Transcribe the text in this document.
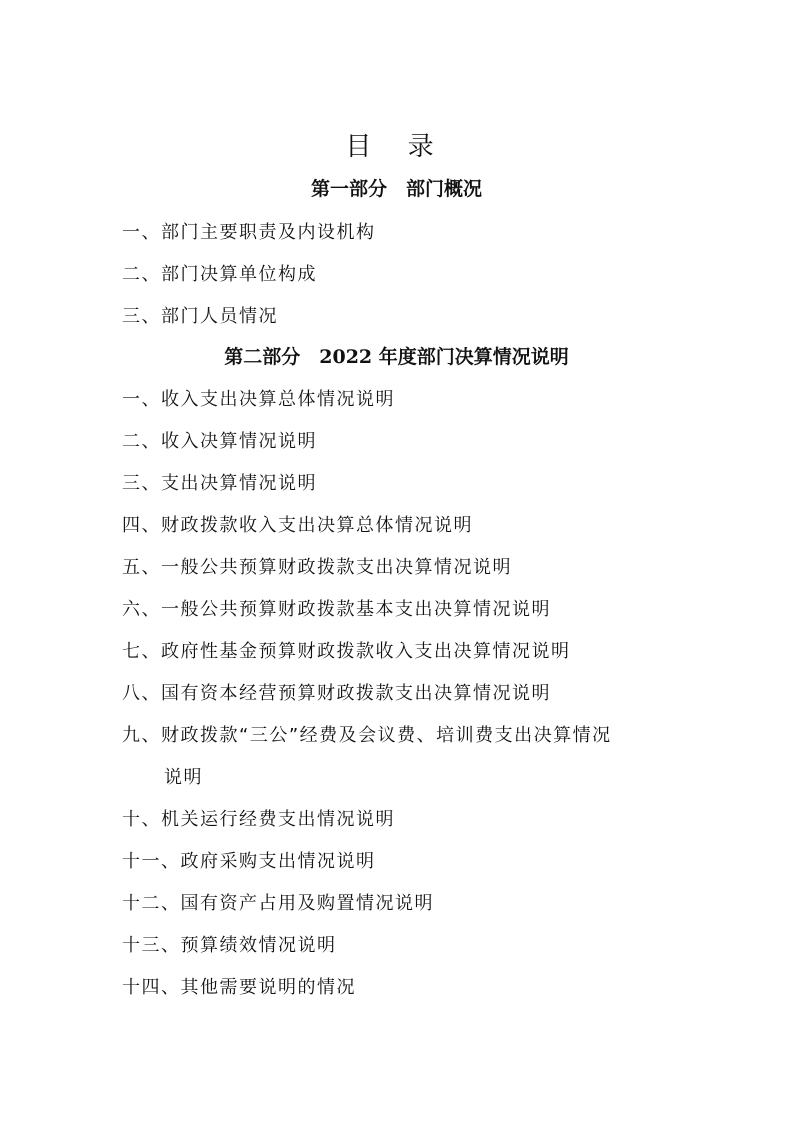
目 录
第一部分　部门概况
一、部门主要职责及内设机构
二、部门决算单位构成
三、部门人员情况
第二部分　2022 年度部门决算情况说明
一、收入支出决算总体情况说明
二、收入决算情况说明
三、支出决算情况说明
四、财政拨款收入支出决算总体情况说明
五、一般公共预算财政拨款支出决算情况说明
六、一般公共预算财政拨款基本支出决算情况说明
七、政府性基金预算财政拨款收入支出决算情况说明
八、国有资本经营预算财政拨款支出决算情况说明
九、财政拨款“三公”经费及会议费、培训费支出决算情况
说明
十、机关运行经费支出情况说明
十一、政府采购支出情况说明
十二、国有资产占用及购置情况说明
十三、预算绩效情况说明
十四、其他需要说明的情况
